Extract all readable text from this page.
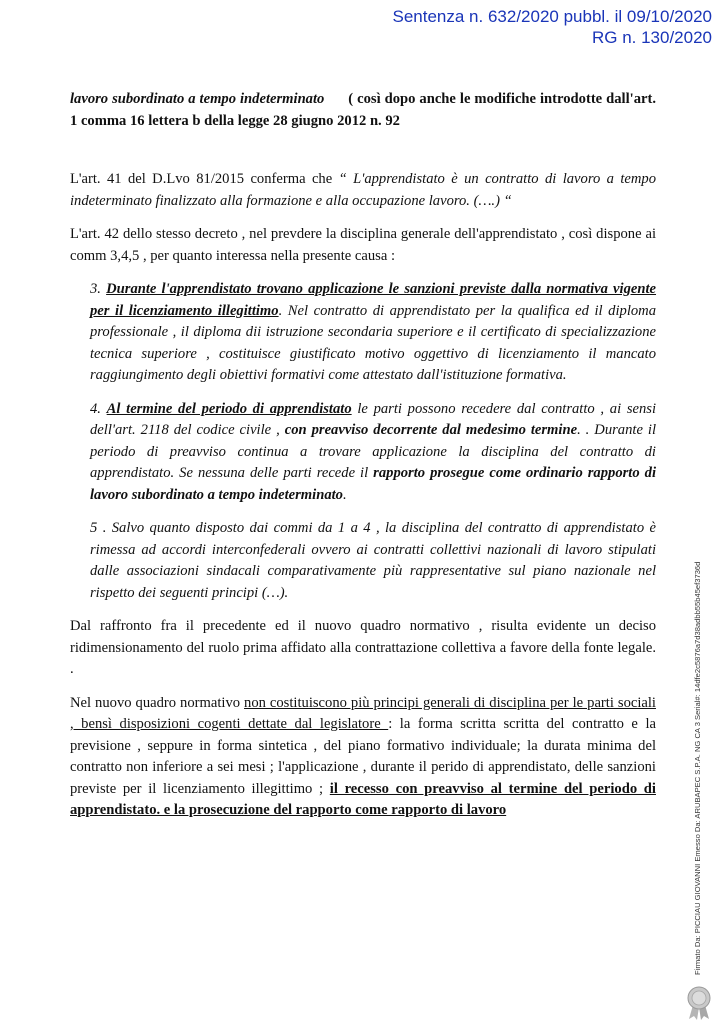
Sentenza n. 632/2020 pubbl. il 09/10/2020
RG n. 130/2020

lavoro subordinato a tempo indeterminato ( così dopo anche le modifiche introdotte dall'art. 1 comma 16 lettera b della legge 28 giugno 2012 n. 92

L'art. 41 del D.Lvo 81/2015 conferma che “ L'apprendistato è un contratto di lavoro a tempo indeterminato finalizzato alla formazione e alla occupazione lavoro. (….) “

L'art. 42 dello stesso decreto , nel prevdere la disciplina generale dell'apprendistato , così dispone ai comm 3,4,5 , per quanto interessa nella presente causa :

3. Durante l'apprendistato trovano applicazione le sanzioni previste dalla normativa vigente per il licenziamento illegittimo. Nel contratto di apprendistato per la qualifica ed il diploma professionale , il diploma dii istruzione secondaria superiore e il certificato di specializzazione tecnica superiore , costituisce giustificato motivo oggettivo di licenziamento il mancato raggiungimento degli obiettivi formativi come attestato dall'istituzione formativa.

4. Al termine del periodo di apprendistato le parti possono recedere dal contratto , ai sensi dell'art. 2118 del codice civile , con preavviso decorrente dal medesimo termine. . Durante il periodo di preavviso continua a trovare applicazione la disciplina del contratto di apprendistato. Se nessuna delle parti recede il rapporto prosegue come ordinario rapporto di lavoro subordinato a tempo indeterminato.

5 . Salvo quanto disposto dai commi da 1 a 4 , la disciplina del contratto di apprendistato è rimessa ad accordi interconfederali ovvero ai contratti collettivi nazionali di lavoro stipulati dalle associazioni sindacali comparativamente più rappresentative sul piano nazionale nel rispetto dei seguenti principi (…).

Dal raffronto fra il precedente ed il nuovo quadro normativo , risulta evidente un deciso ridimensionamento del ruolo prima affidato alla contrattazione collettiva a favore della fonte legale. .

Nel nuovo quadro normativo non costituiscono più principi generali di disciplina per le parti sociali , bensì disposizioni cogenti dettate dal legislatore : la forma scritta scritta del contratto e la previsione , seppure in forma sintetica , del piano formativo individuale; la durata minima del contratto non inferiore a sei mesi ; l'applicazione , durante il perido di apprendistato, delle sanzioni previste per il licenziamento illegittimo ; il recesso con preavviso al termine del periodo di apprendistato. e la prosecuzione del rapporto come rapporto di lavoro	Firmato Da: PICCIAU GIOVANNI Emesso Da: ARUBAPEC S.P.A. NG CA 3 Serial#: 14dfe2c5876a7d38adbb55b45ef3736d
